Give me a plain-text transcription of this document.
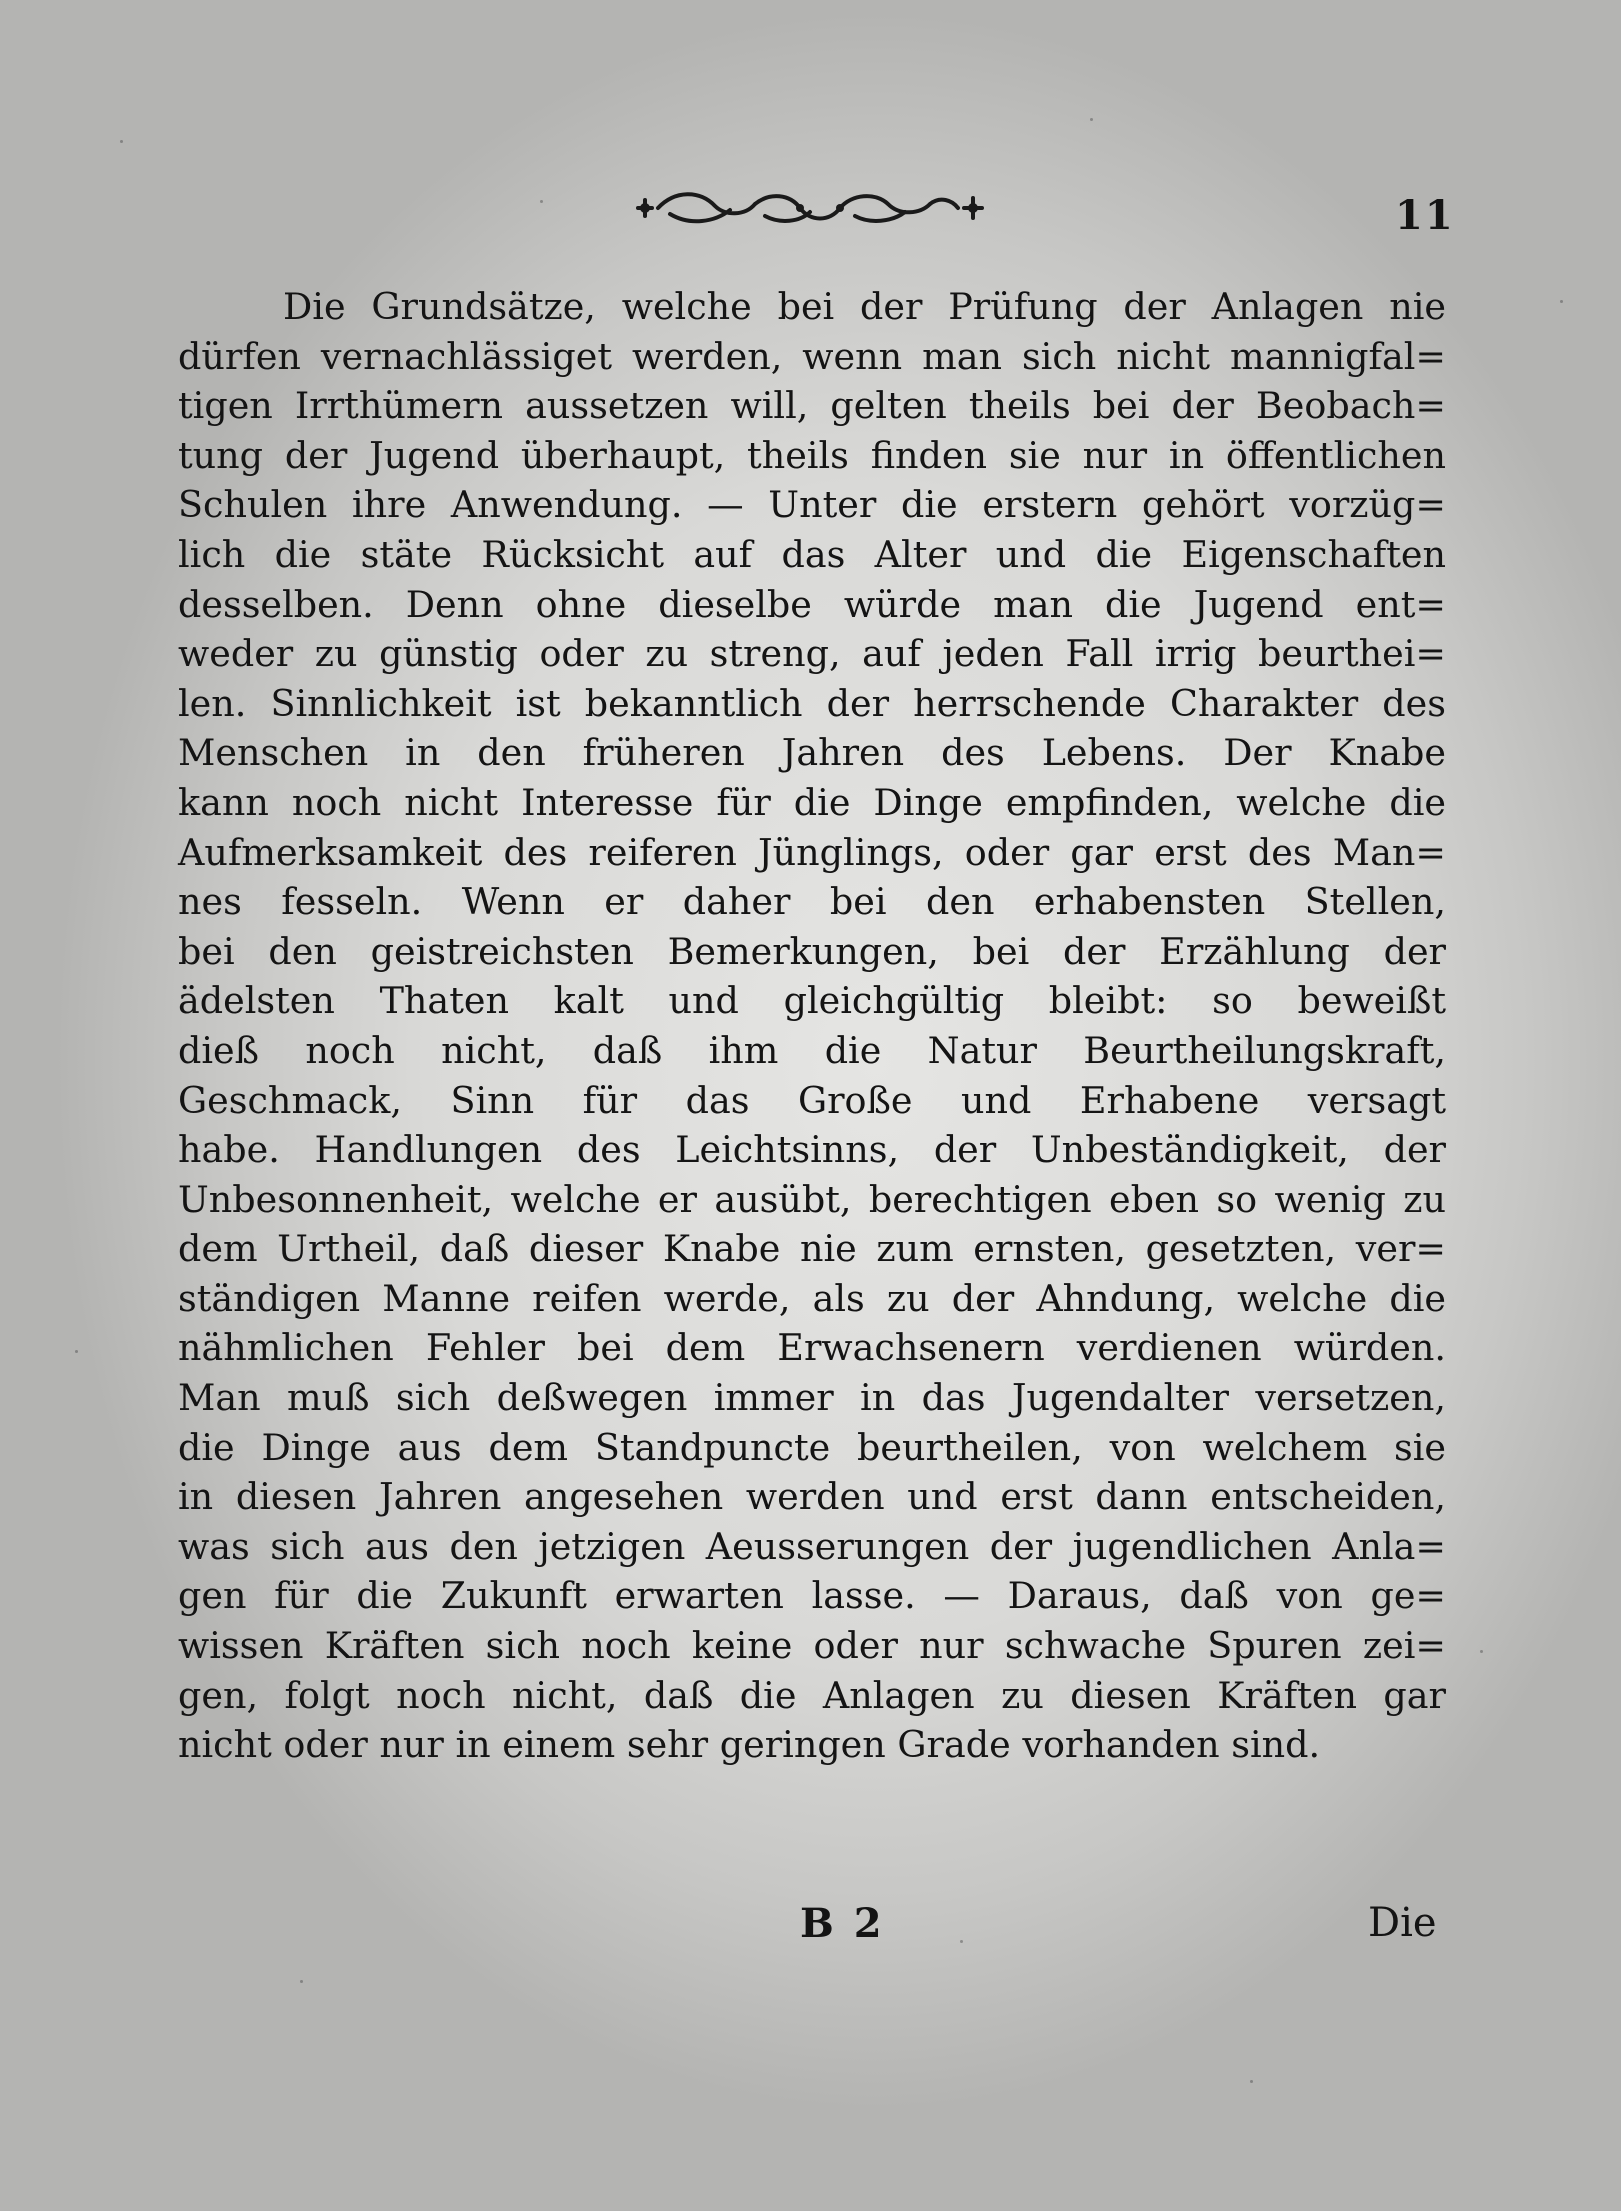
11
Die Grundsätze, welche bei der Prüfung der Anlagen nie
dürfen vernachlässiget werden, wenn man sich nicht mannigfal=
tigen Irrthümern aussetzen will, gelten theils bei der Beobach=
tung der Jugend überhaupt, theils finden sie nur in öffentlichen
Schulen ihre Anwendung. — Unter die erstern gehört vorzüg=
lich die stäte Rücksicht auf das Alter und die Eigenschaften
desselben. Denn ohne dieselbe würde man die Jugend ent=
weder zu günstig oder zu streng, auf jeden Fall irrig beurthei=
len. Sinnlichkeit ist bekanntlich der herrschende Charakter des
Menschen in den früheren Jahren des Lebens. Der Knabe
kann noch nicht Interesse für die Dinge empfinden, welche die
Aufmerksamkeit des reiferen Jünglings, oder gar erst des Man=
nes fesseln. Wenn er daher bei den erhabensten Stellen,
bei den geistreichsten Bemerkungen, bei der Erzählung der
ädelsten Thaten kalt und gleichgültig bleibt: so beweißt
dieß noch nicht, daß ihm die Natur Beurtheilungskraft,
Geschmack, Sinn für das Große und Erhabene versagt
habe. Handlungen des Leichtsinns, der Unbeständigkeit, der
Unbesonnenheit, welche er ausübt, berechtigen eben so wenig zu
dem Urtheil, daß dieser Knabe nie zum ernsten, gesetzten, ver=
ständigen Manne reifen werde, als zu der Ahndung, welche die
nähmlichen Fehler bei dem Erwachsenern verdienen würden.
Man muß sich deßwegen immer in das Jugendalter versetzen,
die Dinge aus dem Standpuncte beurtheilen, von welchem sie
in diesen Jahren angesehen werden und erst dann entscheiden,
was sich aus den jetzigen Aeusserungen der jugendlichen Anla=
gen für die Zukunft erwarten lasse. — Daraus, daß von ge=
wissen Kräften sich noch keine oder nur schwache Spuren zei=
gen, folgt noch nicht, daß die Anlagen zu diesen Kräften gar
nicht oder nur in einem sehr geringen Grade vorhanden sind.
B 2	Die
